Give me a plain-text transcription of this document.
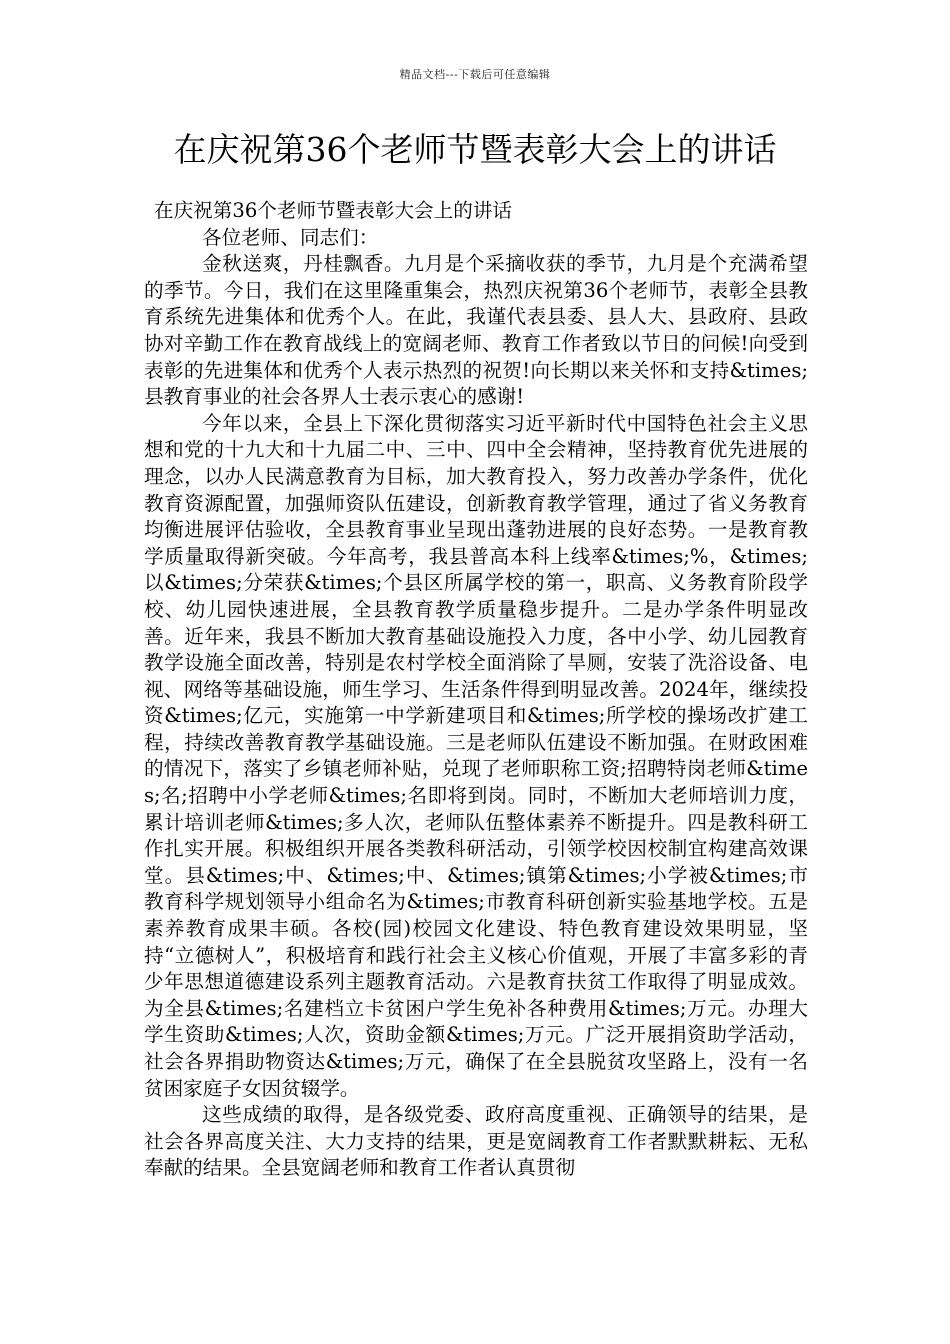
精品文档---下载后可任意编辑
在庆祝第36个老师节暨表彰大会上的讲话

在庆祝第36个老师节暨表彰大会上的讲话

各位老师、同志们：

金秋送爽，丹桂飘香。九月是个采摘收获的季节，九月是个充满希望的季节。今日，我们在这里隆重集会，热烈庆祝第36个老师节，表彰全县教育系统先进集体和优秀个人。在此，我谨代表县委、县人大、县政府、县政协对辛勤工作在教育战线上的宽阔老师、教育工作者致以节日的问候!向受到表彰的先进集体和优秀个人表示热烈的祝贺!向长期以来关怀和支持&times;县教育事业的社会各界人士表示衷心的感谢!

今年以来，全县上下深化贯彻落实习近平新时代中国特色社会主义思想和党的十九大和十九届二中、三中、四中全会精神，坚持教育优先进展的理念，以办人民满意教育为目标，加大教育投入，努力改善办学条件，优化教育资源配置，加强师资队伍建设，创新教育教学管理，通过了省义务教育均衡进展评估验收，全县教育事业呈现出蓬勃进展的良好态势。一是教育教学质量取得新突破。今年高考，我县普高本科上线率&times;%，&times;以&times;分荣获&times;个县区所属学校的第一，职高、义务教育阶段学校、幼儿园快速进展，全县教育教学质量稳步提升。二是办学条件明显改善。近年来，我县不断加大教育基础设施投入力度，各中小学、幼儿园教育教学设施全面改善，特别是农村学校全面消除了旱厕，安装了洗浴设备、电视、网络等基础设施，师生学习、生活条件得到明显改善。2024年，继续投资&times;亿元，实施第一中学新建项目和&times;所学校的操场改扩建工程，持续改善教育教学基础设施。三是老师队伍建设不断加强。在财政困难的情况下，落实了乡镇老师补贴，兑现了老师职称工资;招聘特岗老师&times;名;招聘中小学老师&times;名即将到岗。同时，不断加大老师培训力度，累计培训老师&times;多人次，老师队伍整体素养不断提升。四是教科研工作扎实开展。积极组织开展各类教科研活动，引领学校因校制宜构建高效课堂。县&times;中、&times;中、&times;镇第&times;小学被&times;市教育科学规划领导小组命名为&times;市教育科研创新实验基地学校。五是素养教育成果丰硕。各校(园)校园文化建设、特色教育建设效果明显，坚持“立德树人”，积极培育和践行社会主义核心价值观，开展了丰富多彩的青少年思想道德建设系列主题教育活动。六是教育扶贫工作取得了明显成效。为全县&times;名建档立卡贫困户学生免补各种费用&times;万元。办理大学生资助&times;人次，资助金额&times;万元。广泛开展捐资助学活动，社会各界捐助物资达&times;万元，确保了在全县脱贫攻坚路上，没有一名贫困家庭子女因贫辍学。

这些成绩的取得，是各级党委、政府高度重视、正确领导的结果，是社会各界高度关注、大力支持的结果，更是宽阔教育工作者默默耕耘、无私奉献的结果。全县宽阔老师和教育工作者认真贯彻
